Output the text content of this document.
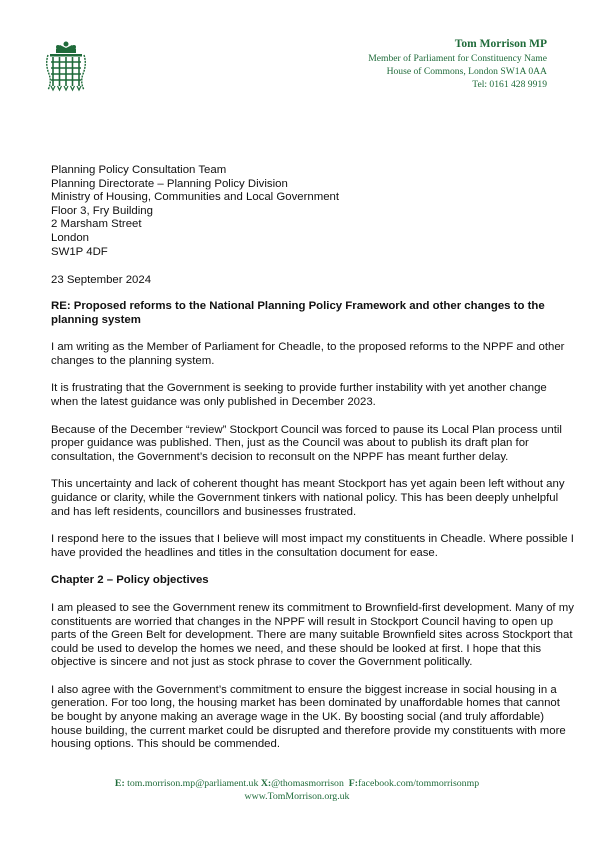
Tom Morrison MP
Member of Parliament for Constituency Name
House of Commons, London SW1A 0AA
Tel: 0161 428 9919
Planning Policy Consultation Team
Planning Directorate – Planning Policy Division
Ministry of Housing, Communities and Local Government
Floor 3, Fry Building
2 Marsham Street
London
SW1P 4DF
23 September 2024
RE: Proposed reforms to the National Planning Policy Framework and other changes to the planning system

I am writing as the Member of Parliament for Cheadle, to the proposed reforms to the NPPF and other changes to the planning system.

It is frustrating that the Government is seeking to provide further instability with yet another change when the latest guidance was only published in December 2023.

Because of the December “review” Stockport Council was forced to pause its Local Plan process until proper guidance was published. Then, just as the Council was about to publish its draft plan for consultation, the Government’s decision to reconsult on the NPPF has meant further delay.

This uncertainty and lack of coherent thought has meant Stockport has yet again been left without any guidance or clarity, while the Government tinkers with national policy. This has been deeply unhelpful and has left residents, councillors and businesses frustrated.

I respond here to the issues that I believe will most impact my constituents in Cheadle. Where possible I have provided the headlines and titles in the consultation document for ease.

Chapter 2 – Policy objectives

I am pleased to see the Government renew its commitment to Brownfield-first development. Many of my constituents are worried that changes in the NPPF will result in Stockport Council having to open up parts of the Green Belt for development. There are many suitable Brownfield sites across Stockport that could be used to develop the homes we need, and these should be looked at first. I hope that this objective is sincere and not just as stock phrase to cover the Government politically.

I also agree with the Government’s commitment to ensure the biggest increase in social housing in a generation. For too long, the housing market has been dominated by unaffordable homes that cannot be bought by anyone making an average wage in the UK. By boosting social (and truly affordable) house building, the current market could be disrupted and therefore provide my constituents with more housing options. This should be commended.

E: tom.morrison.mp@parliament.uk X:@thomasmorrison F:facebook.com/tommorrisonmp
www.TomMorrison.org.uk
